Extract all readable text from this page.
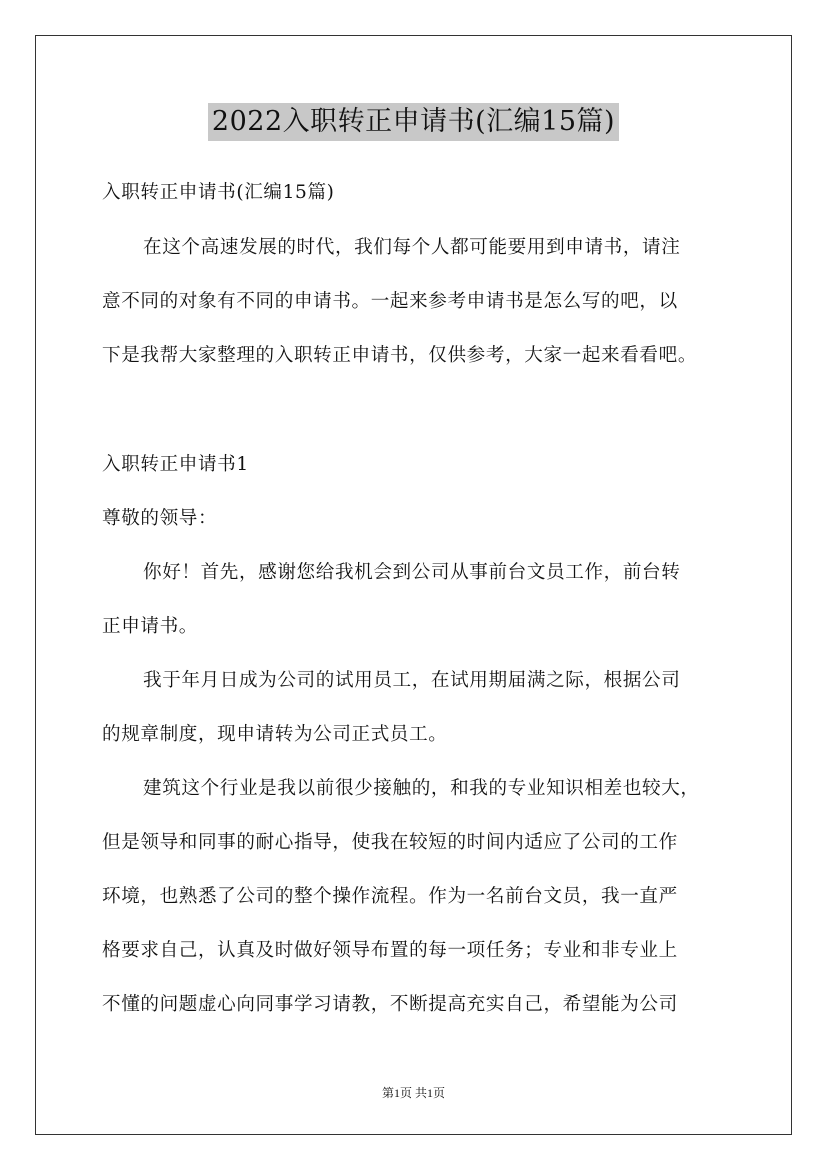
2022入职转正申请书(汇编15篇)
入职转正申请书(汇编15篇)
在这个高速发展的时代，我们每个人都可能要用到申请书，请注
意不同的对象有不同的申请书。一起来参考申请书是怎么写的吧，以
下是我帮大家整理的入职转正申请书，仅供参考，大家一起来看看吧。
入职转正申请书1
尊敬的领导：
你好！首先，感谢您给我机会到公司从事前台文员工作，前台转
正申请书。
我于年月日成为公司的试用员工，在试用期届满之际，根据公司
的规章制度，现申请转为公司正式员工。
建筑这个行业是我以前很少接触的，和我的专业知识相差也较大，
但是领导和同事的耐心指导，使我在较短的时间内适应了公司的工作
环境，也熟悉了公司的整个操作流程。作为一名前台文员，我一直严
格要求自己，认真及时做好领导布置的每一项任务；专业和非专业上
不懂的问题虚心向同事学习请教，不断提高充实自己，希望能为公司
第1页 共1页
